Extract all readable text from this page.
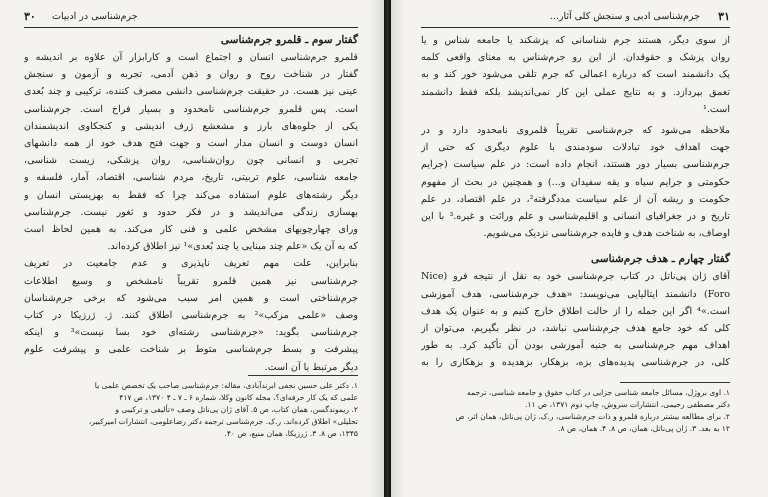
۳۰ جرم‌شناسی در ادبیات
گفتار سوم ـ قلمرو جرم‌شناسی
قلمرو جرم‌شناسی انسان و اجتماع است و کارابزار آن علاوه بر اندیشه و
گفتار در شناخت روح و روان و ذهن آدمی، تجربه و آزمون و سنجش
عینی نیز هست. در حقیقت جرم‌شناسی دانشی مصرف کننده، ترکیبی و چند بُعدی
است. پس قلمرو جرم‌شناسی نامحدود و بسیار فراخ است. جرم‌شناسی
یکی از جلوه‌های بارز و مشعشع ژرف اندیشی و کنجکاوی اندیشمندان
انسان دوست و انسان مدار است و جهت فتح هدف خود از همه دانشهای
تجربی و انسانی چون روان‌شناسی، روان پزشکی، زیست شناسی،
جامعه شناسی، علوم تربیتی، تاریخ، مردم شناسی، اقتصاد، آمار، فلسفه و
دیگر رشته‌های علوم استفاده می‌کند چرا که فقط به بهزیستی انسان و
بهسازی زندگی می‌اندیشد و در فکر حدود و ثغور نیست. جرم‌شناسی
ورای چهارچوبهای مشخص علمی و فنی کار می‌کند. به همین لحاظ است
که به آن یک «علم چند مبنایی یا چند بُعدی»¹ نیز اطلاق کرده‌اند.
بنابراین، علت مهم تعریف ناپذیری و عدم جامعیت در تعریف
جرم‌شناسی نیز همین قلمرو تقریباً نامشخص و وسیع اطلاعات
جرم‌شناختی است و همین امر سبب می‌شود که برخی جرم‌شناسان
وصف «علمی مرکب»² به جرم‌شناسی اطلاق کنند. ژ. ژرزیکا در کتاب
جرم‌شناسی بگوید: «جرم‌شناسی رشته‌ای خود بسا نیست»³ و اینکه
پیشرفت و بسط جرم‌شناسی متوط بر شناخت علمی و پیشرفت علوم
دیگر مرتبط با آن است.
۱. دکتر علی حسین نجفی ابرندآبادی، مقاله: جرم‌شناسی صاحب یک تخصص علمی یا
علمی که یک کار حرفه‌ای؟، مجله کانون وکلا، شماره ۶ ـ ۷ ـ ۴ ۱۳۷۰، ص ۴۱۷
۲. ریموندگسن، همان کتاب، ص ۵. آقای ژان پی‌ناتل وصف «تألیفی و ترکیبی و
تحلیلی» اطلاق کرده‌اند. ر.ک. جرم‌شناسی ترجمه دکتر رضاعلومی، انتشارات امیرکبیر،
۱۳۴۵، ص ۸. ۳. ژرزیکا، همان منبع، ص ۴۰.
۳۱
جرم‌شناسی ادبی و سنجش کلی آثار...
از سوی دیگر، هستند جرم شناسانی که پزشکند یا جامعه شناس و یا
روان پزشک و حقوقدان. از این رو جرم‌شناس به معنای واقعی کلمه
یک دانشمند است که درباره اعمالی که جرم تلقی می‌شود خور کند و به
تعمق بپردازد. و به نتایج عملی این کار نمی‌اندیشد بلکه فقط دانشمند
است.¹
ملاحظه می‌شود که جرم‌شناسی تقریباً قلمروی نامحدود دارد و در
جهت اهداف خود تبادلات سودمندی با علوم دیگری که حتی از
جرم‌شناسی بسیار دور هستند، انجام داده است: در علم سیاست (جرایم
حکومتی و جرایم سیاه و یقه سفیدان و...) و همچنین در بحث از مفهوم
حکومت و ریشه آن از علم سیاست مددگرفته²، در علم اقتصاد، در علم
تاریخ و در جغرافیای انسانی و اقلیم‌شناسی و علم وراثت و غیره.³ با این
اوصاف، به شناخت هدف و فایده جرم‌شناسی نزدیک می‌شویم.
گفتار چهارم ـ هدف جرم‌شناسی
آقای ژان پی‌ناتل در کتاب جرم‌شناسی خود به نقل از نتیجه فرو (Nice
Foro) دانشمند ایتالیایی می‌نویسد: «هدف جرم‌شناسی، هدف آموزشی
است.»⁴ اگر این جمله را از حالت اطلاق خارج کنیم و به عنوان یک هدف
کلی که خود جامع هدف جرم‌شناسی نباشد، در نظر بگیریم، می‌توان از
اهداف مهم جرم‌شناسی به جنبه آموزشی بودن آن تأکید کرد. به طور
کلی، در جرم‌شناسی پدیده‌های بزه، بزهکار، بزهدیده و بزهکاری را به
۱. اوی بروژل، مسائل جامعه شناسی جزایی در کتاب حقوق و جامعه شناسی، ترجمه
دکتر مصطفی رحیمی، انتشارات سروش، چاپ دوم ۱۳۷۱، ص ۱۱.
۲. برای مطالعه بیشتر درباره قلمرو و ذات جرم‌شناسی، ر.ک. ژان پی‌ناتل، همان اثر، ص
۱۲ به بعد. ۳. ژان پی‌ناتل، همان، ص ۸. ۴. همان، ص ۸.
